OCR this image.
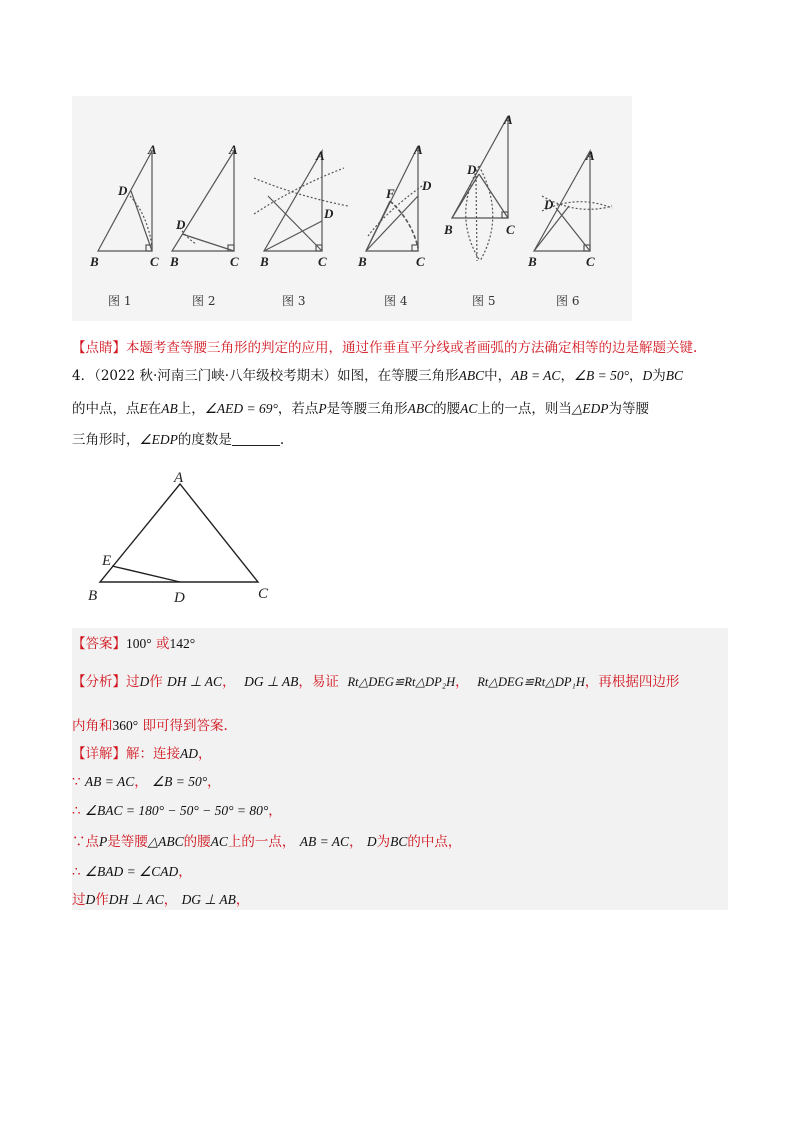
A
D
B	C
A
D
B	C
A
D
B	C
A
F
D
B	C
A
D
B	C
A
D
B	C
图 1	图 2	图 3	图 4	图 5	图 6
【点睛】本题考查等腰三角形的判定的应用，通过作垂直平分线或者画弧的方法确定相等的边是解题关键.
4．（2022 秋·河南三门峡·八年级校考期末）如图，在等腰三角形ABC中，AB = AC，∠B = 50°，D为BC
的中点，点E在AB上，∠AED = 69°，若点P是等腰三角形ABC的腰AC上的一点，则当△EDP为等腰
三角形时，∠EDP的度数是	.
A
E
B	D	C
【答案】100° 或142°
【分析】过D作 DH ⊥ AC， DG ⊥ AB，易证 Rt△DEG≌Rt△DP₂H， Rt△DEG≌Rt△DP₁H，再根据四边形
内角和360° 即可得到答案.
【详解】解：连接AD，
∵ AB = AC， ∠B = 50°，
∴ ∠BAC = 180° − 50° − 50° = 80°，
∵点P是等腰△ABC的腰AC上的一点， AB = AC， D为BC的中点，
∴ ∠BAD = ∠CAD，
过D作DH ⊥ AC， DG ⊥ AB，
